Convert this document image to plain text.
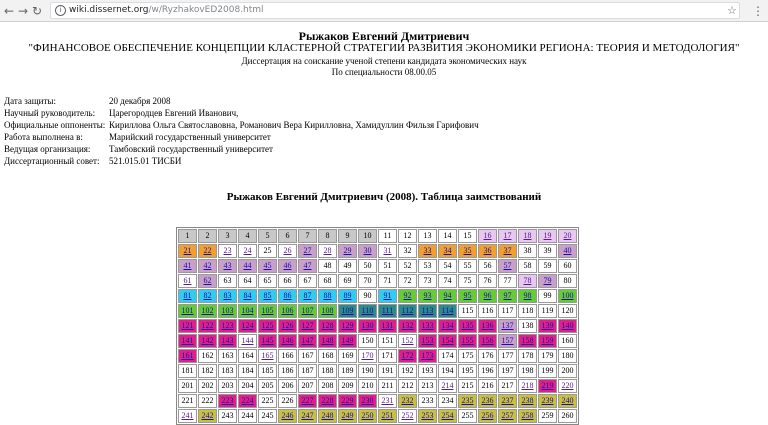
← → ↻	i wiki.dissernet.org/w/RyzhakovED2008.html	☆ ⋮
Рыжаков Евгений Дмитриевич
"ФИНАНСОВОЕ ОБЕСПЕЧЕНИЕ КОНЦЕПЦИИ КЛАСТЕРНОЙ СТРАТЕГИИ РАЗВИТИЯ ЭКОНОМИКИ РЕГИОНА: ТЕОРИЯ И МЕТОДОЛОГИЯ"
Диссертация на соискание ученой степени кандидата экономических наук
По специальности 08.00.05
Дата защиты:	20 декабря 2008
Научный руководитель:	Царегородцев Евгений Иванович,
Официальные оппоненты: Кириллова Ольга Святославовна, Романович Вера Кирилловна, Хамидуллин Фильзя Гарифович
Работа выполнена в:	Марийский государственный университет
Ведущая организация:	Тамбовский государственный университет
Диссертационный совет:	521.015.01 ТИСБИ
Рыжаков Евгений Дмитриевич (2008). Таблица заимствований
1	2	3	4	5	6	7	8	9	10	11	12	13	14	15	16	17	18	19	20
21	22	23	24	25	26	27	28	29	30	31	32	33	34	35	36	37	38	39	40
41	42	43	44	45	46	47	48	49	50	51	52	53	54	55	56	57	58	59	60
61	62	63	64	65	66	67	68	69	70	71	72	73	74	75	76	77	78	79	80
81	82	83	84	85	86	87	88	89	90	91	92	93	94	95	96	97	98	99	100
101	102	103	104	105	106	107	108	109	110	111	112	113	114	115	116	117	118	119	120
121	122	123	124	125	126	127	128	129	130	131	132	133	134	135	136	137	138	139	140
141	142	143	144	145	146	147	148	149	150	151	152	153	154	155	156	157	158	159	160
161	162	163	164	165	166	167	168	169	170	171	172	173	174	175	176	177	178	179	180
181	182	183	184	185	186	187	188	189	190	191	192	193	194	195	196	197	198	199	200
201	202	203	204	205	206	207	208	209	210	211	212	213	214	215	216	217	218	219	220
221	222	223	224	225	226	227	228	229	230	231	232	233	234	235	236	237	238	239	240
241	242	243	244	245	246	247	248	249	250	251	252	253	254	255	256	257	258	259	260
